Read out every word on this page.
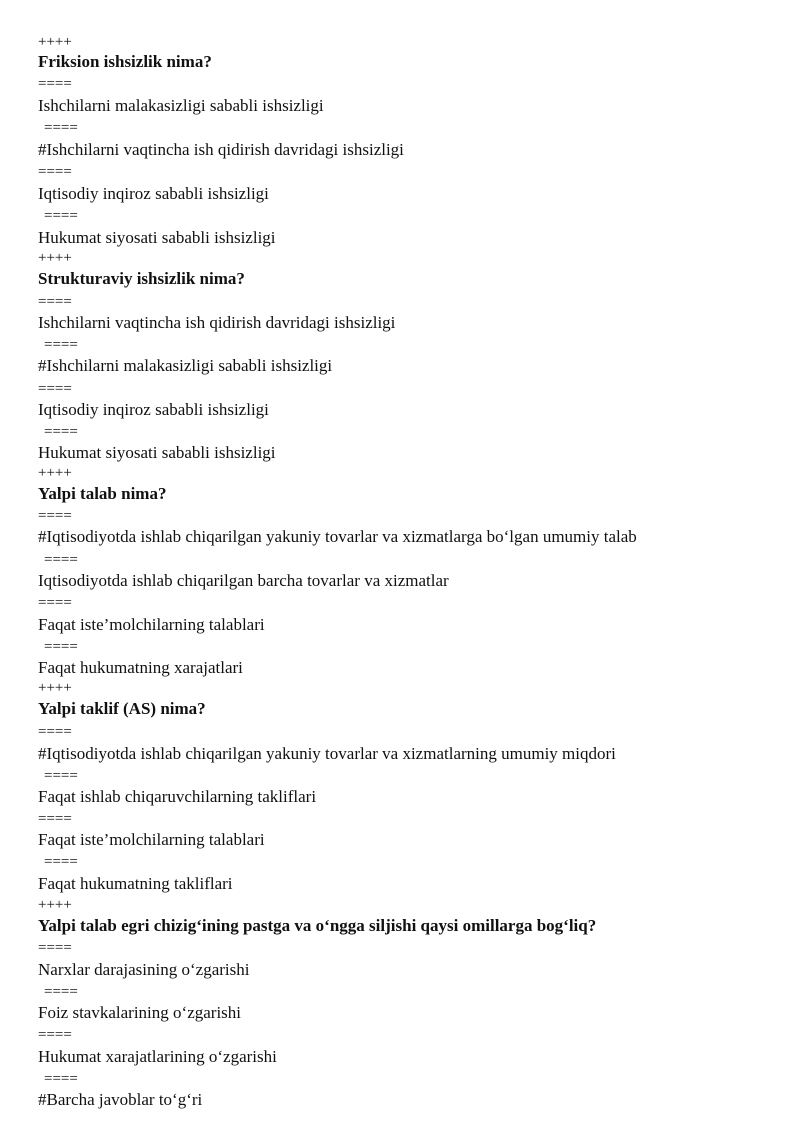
++++
Friksion ishsizlik nima?
====
Ishchilarni malakasizligi sababli ishsizligi
====
#Ishchilarni vaqtincha ish qidirish davridagi ishsizligi
====
Iqtisodiy inqiroz sababli ishsizligi
====
Hukumat siyosati sababli ishsizligi
++++
Strukturaviy ishsizlik nima?
====
Ishchilarni vaqtincha ish qidirish davridagi ishsizligi
====
#Ishchilarni malakasizligi sababli ishsizligi
====
Iqtisodiy inqiroz sababli ishsizligi
====
Hukumat siyosati sababli ishsizligi
++++
Yalpi talab nima?
====
#Iqtisodiyotda ishlab chiqarilgan yakuniy tovarlar va xizmatlarga bo‘lgan umumiy talab
====
Iqtisodiyotda ishlab chiqarilgan barcha tovarlar va xizmatlar
====
Faqat iste’molchilarning talablari
====
Faqat hukumatning xarajatlari
++++
Yalpi taklif (AS) nima?
====
#Iqtisodiyotda ishlab chiqarilgan yakuniy tovarlar va xizmatlarning umumiy miqdori
====
Faqat ishlab chiqaruvchilarning takliflari
====
Faqat iste’molchilarning talablari
====
Faqat hukumatning takliflari
++++
Yalpi talab egri chizig‘ining pastga va o‘ngga siljishi qaysi omillarga bog‘liq?
====
Narxlar darajasining o‘zgarishi
====
Foiz stavkalarining o‘zgarishi
====
Hukumat xarajatlarining o‘zgarishi
====
#Barcha javoblar to‘g‘ri
